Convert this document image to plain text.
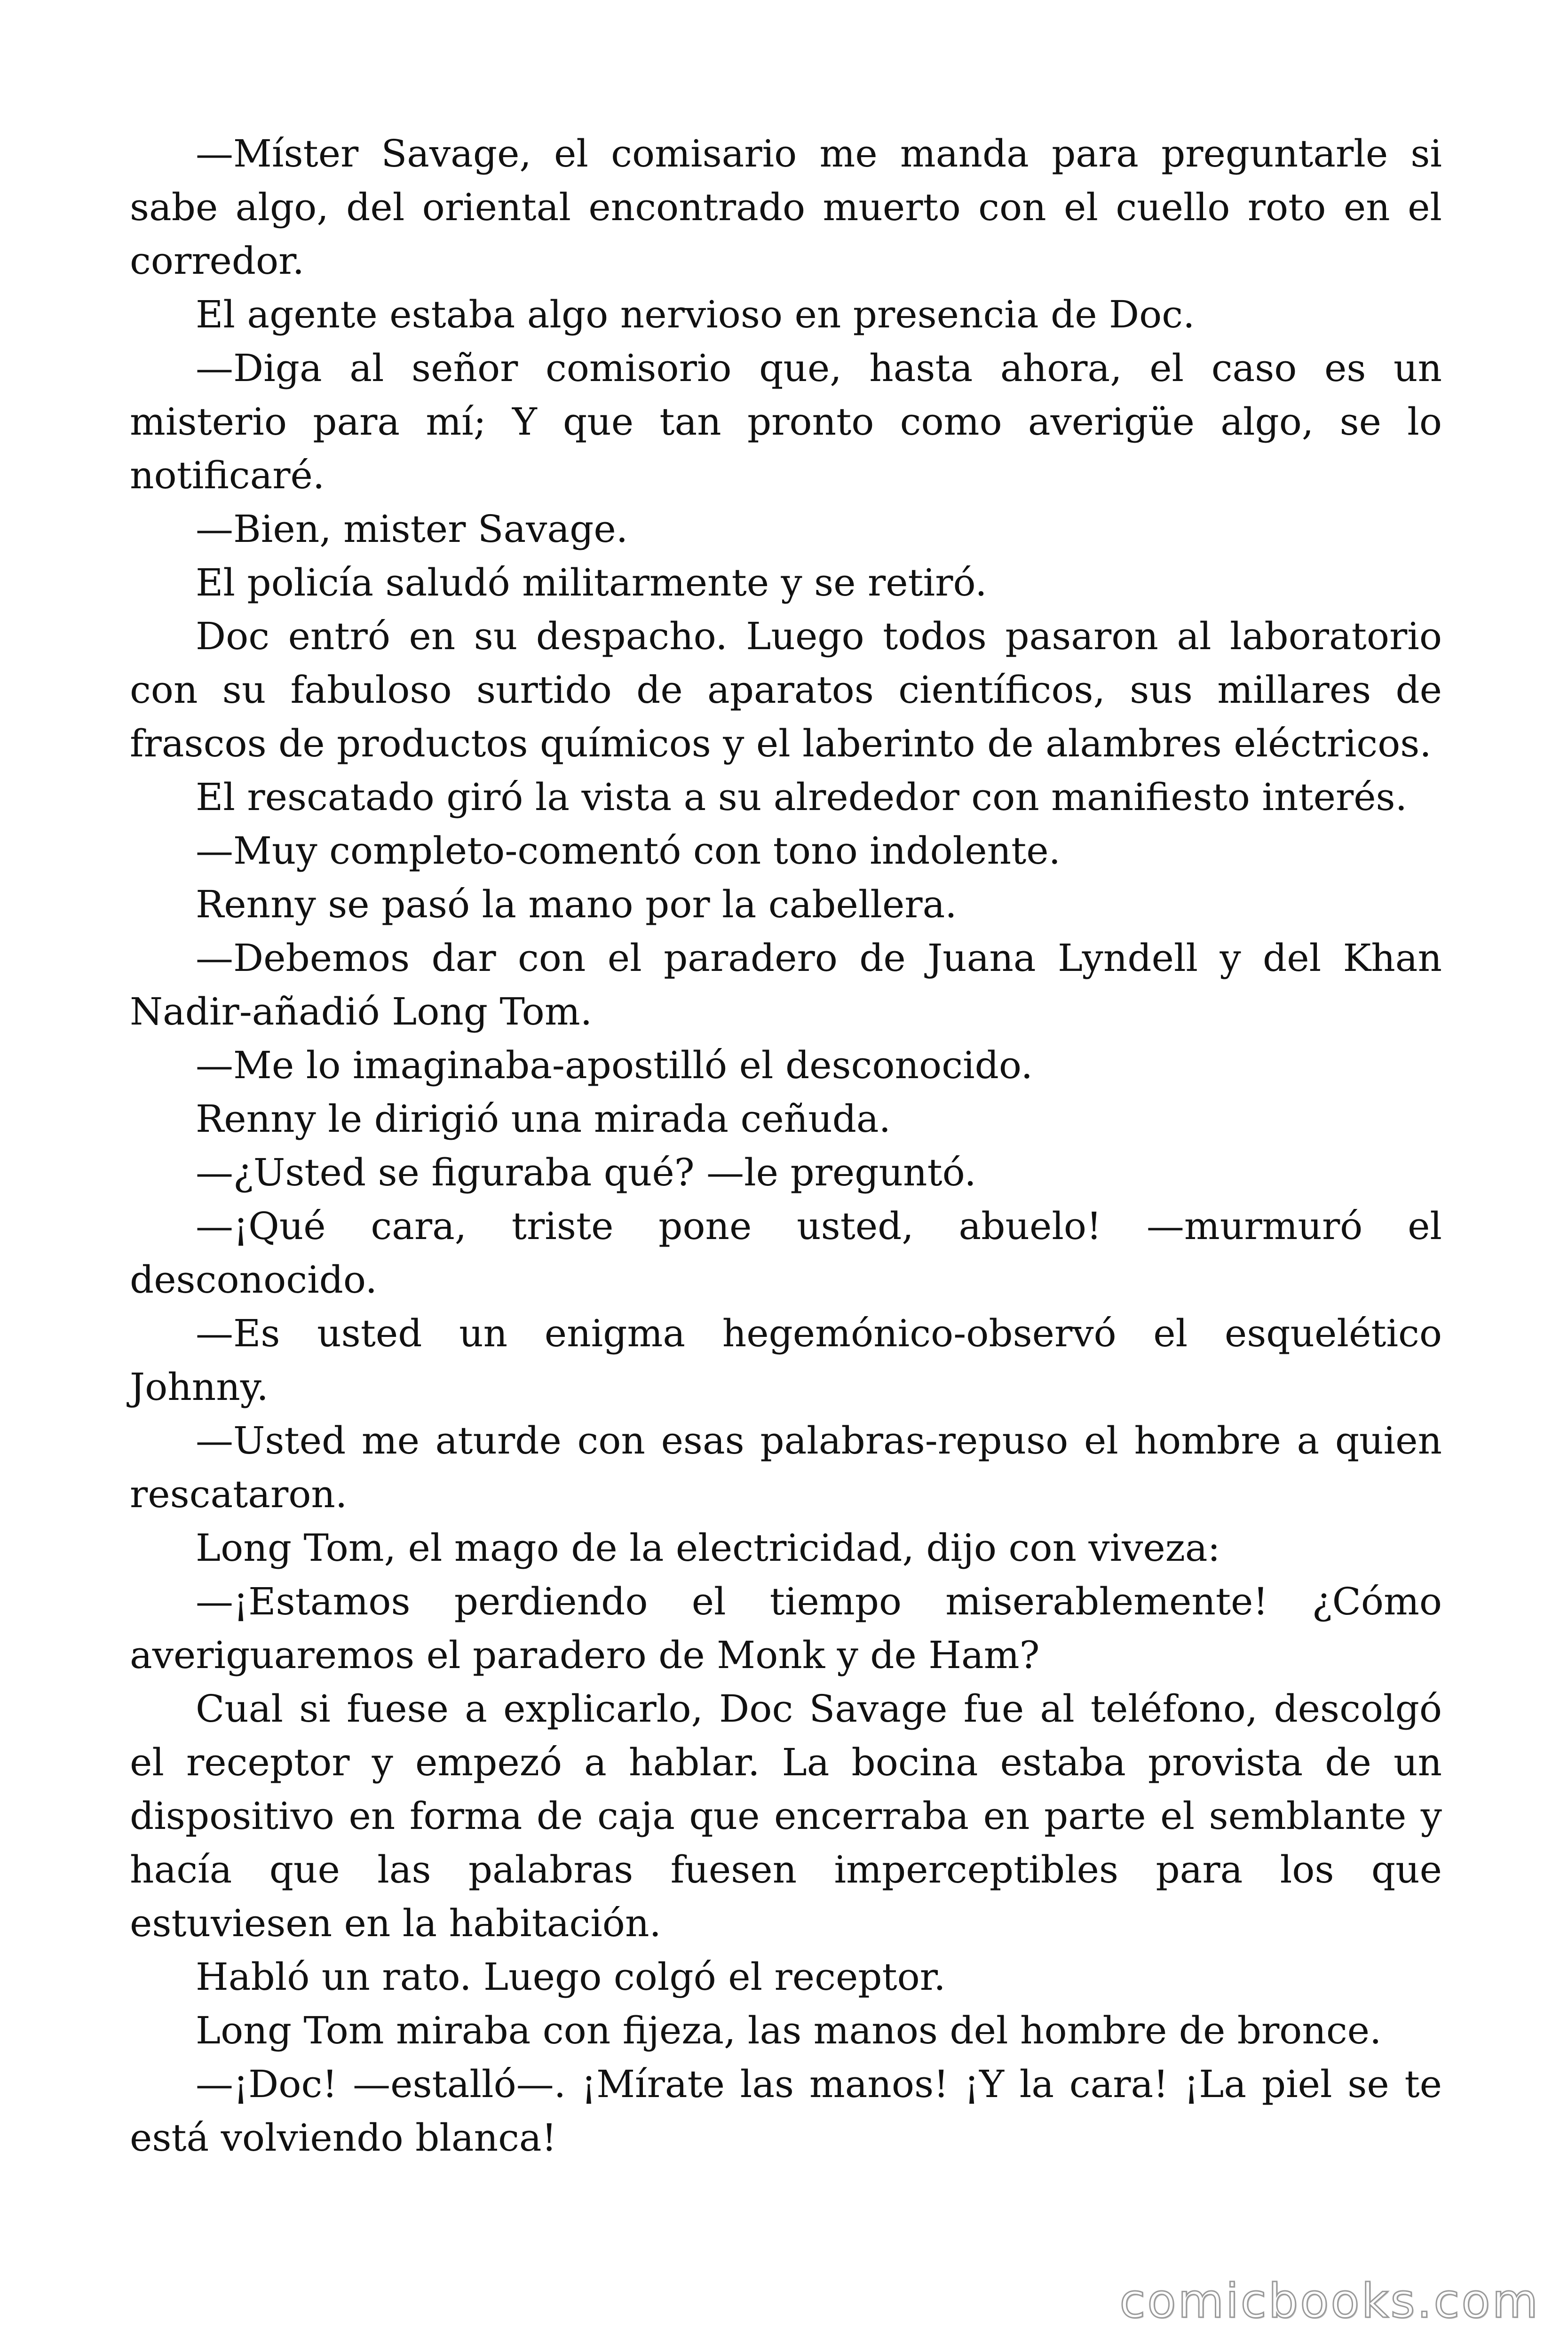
—Míster Savage, el comisario me manda para preguntarle si sabe algo, del oriental encontrado muerto con el cuello roto en el corredor.

El agente estaba algo nervioso en presencia de Doc.

—Diga al señor comisorio que, hasta ahora, el caso es un misterio para mí; Y que tan pronto como averigüe algo, se lo notificaré.

—Bien, mister Savage.

El policía saludó militarmente y se retiró.

Doc entró en su despacho. Luego todos pasaron al laboratorio con su fabuloso surtido de aparatos científicos, sus millares de frascos de productos químicos y el laberinto de alambres eléctricos.

El rescatado giró la vista a su alrededor con manifiesto interés.

—Muy completo-comentó con tono indolente.

Renny se pasó la mano por la cabellera.

—Debemos dar con el paradero de Juana Lyndell y del Khan Nadir-añadió Long Tom.

—Me lo imaginaba-apostilló el desconocido.

Renny le dirigió una mirada ceñuda.

—¿Usted se figuraba qué? —le preguntó.

—¡Qué cara, triste pone usted, abuelo! —murmuró el desconocido.

—Es usted un enigma hegemónico-observó el esquelético Johnny.

—Usted me aturde con esas palabras-repuso el hombre a quien rescataron.

Long Tom, el mago de la electricidad, dijo con viveza:

—¡Estamos perdiendo el tiempo miserablemente! ¿Cómo averiguaremos el paradero de Monk y de Ham?

Cual si fuese a explicarlo, Doc Savage fue al teléfono, descolgó el receptor y empezó a hablar. La bocina estaba provista de un dispositivo en forma de caja que encerraba en parte el semblante y hacía que las palabras fuesen imperceptibles para los que estuviesen en la habitación.

Habló un rato. Luego colgó el receptor.

Long Tom miraba con fijeza, las manos del hombre de bronce.

—¡Doc! —estalló—. ¡Mírate las manos! ¡Y la cara! ¡La piel se te está volviendo blanca!

comicbooks.com
